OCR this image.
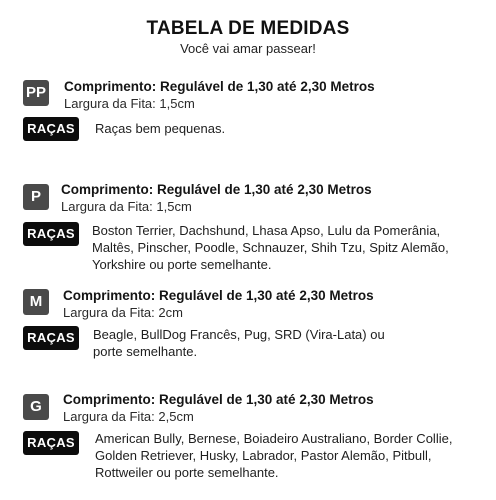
TABELA DE MEDIDAS
Você vai amar passear!
PP Comprimento: Regulável de 1,30 até 2,30 Metros
Largura da Fita: 1,5cm
RAÇAS	Raças bem pequenas.

P	Comprimento: Regulável de 1,30 até 2,30 Metros
Largura da Fita: 1,5cm
RAÇAS	Boston Terrier, Dachshund, Lhasa Apso, Lulu da Pomerânia,
Maltês, Pinscher, Poodle, Schnauzer, Shih Tzu, Spitz Alemão,
Yorkshire ou porte semelhante.

M	Comprimento: Regulável de 1,30 até 2,30 Metros
Largura da Fita: 2cm
RAÇAS	Beagle, BullDog Francês, Pug, SRD (Vira-Lata) ou
porte semelhante.

G	Comprimento: Regulável de 1,30 até 2,30 Metros
Largura da Fita: 2,5cm
RAÇAS	American Bully, Bernese, Boiadeiro Australiano, Border Collie,
Golden Retriever, Husky, Labrador, Pastor Alemão, Pitbull,
Rottweiler ou porte semelhante.
